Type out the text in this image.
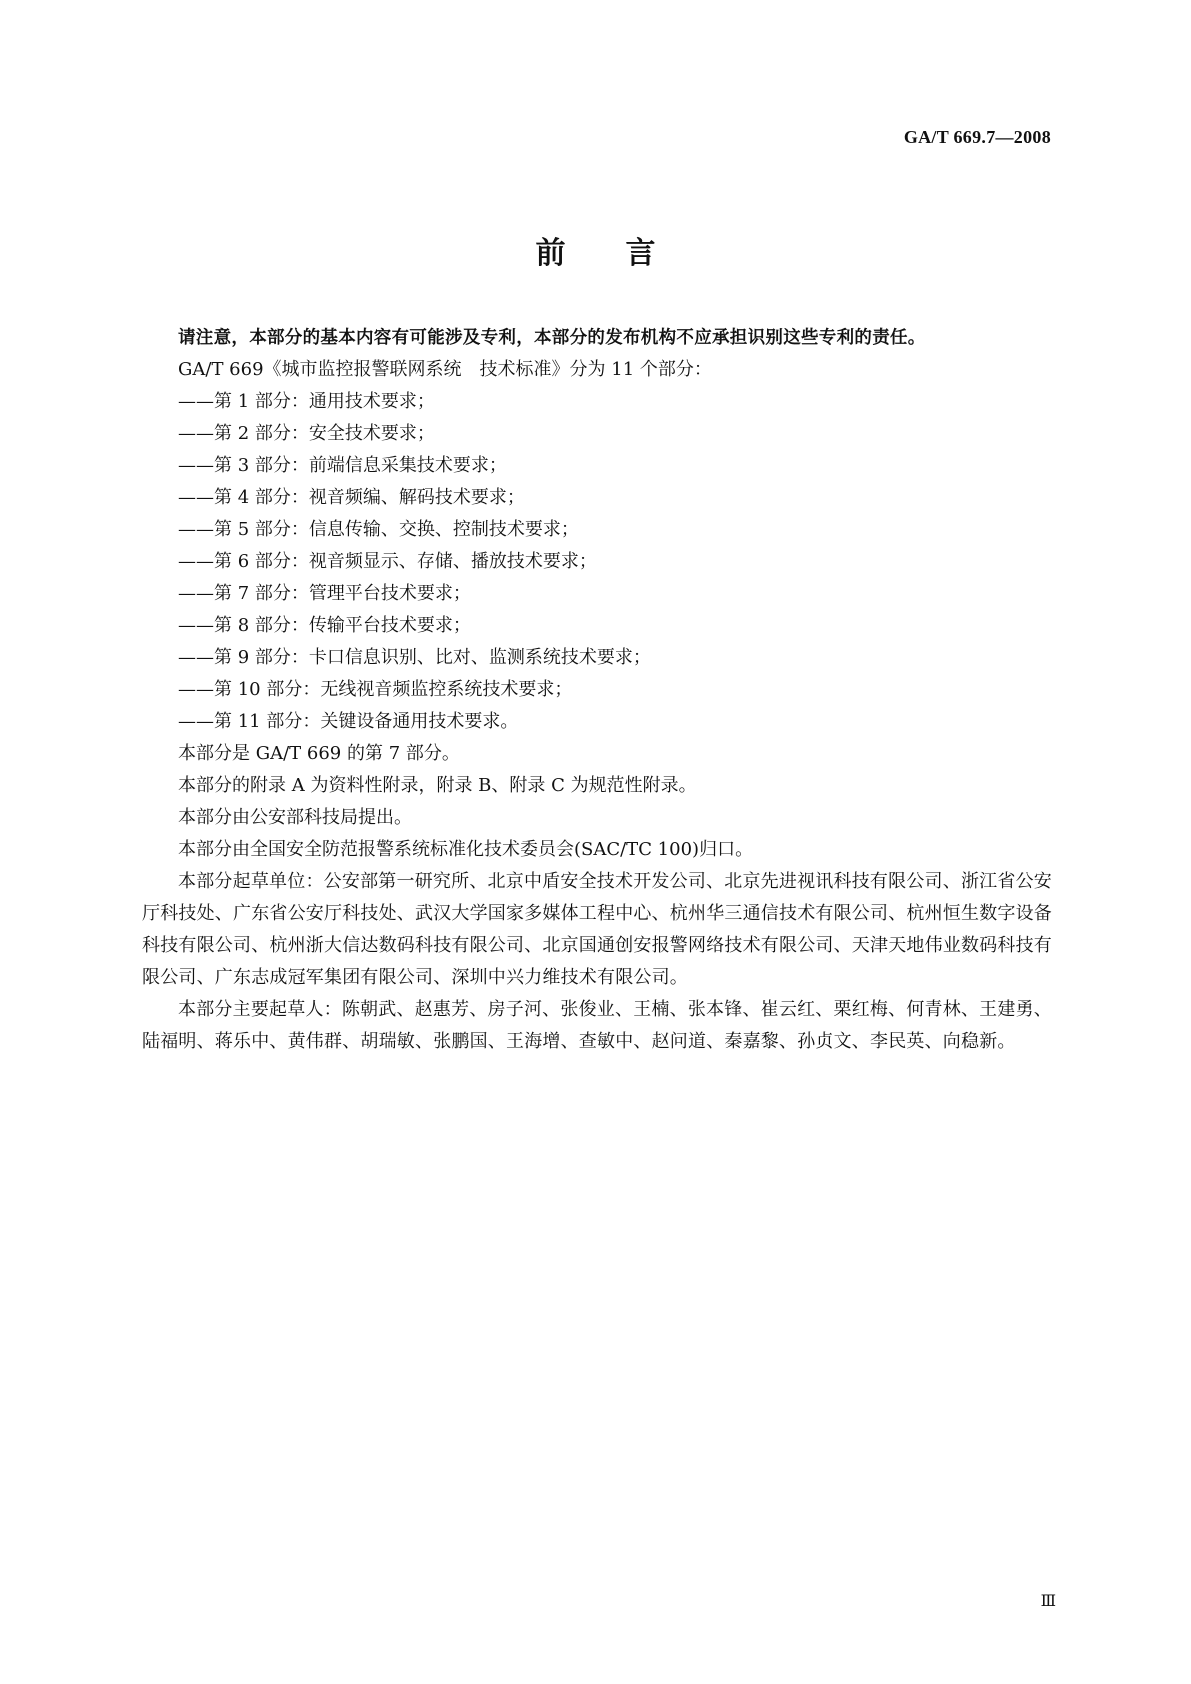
GA/T 669.7—2008
前 言
请注意，本部分的基本内容有可能涉及专利，本部分的发布机构不应承担识别这些专利的责任。
GA/T 669《城市监控报警联网系统　技术标准》分为 11 个部分：
——第 1 部分：通用技术要求；
——第 2 部分：安全技术要求；
——第 3 部分：前端信息采集技术要求；
——第 4 部分：视音频编、解码技术要求；
——第 5 部分：信息传输、交换、控制技术要求；
——第 6 部分：视音频显示、存储、播放技术要求；
——第 7 部分：管理平台技术要求；
——第 8 部分：传输平台技术要求；
——第 9 部分：卡口信息识别、比对、监测系统技术要求；
——第 10 部分：无线视音频监控系统技术要求；
——第 11 部分：关键设备通用技术要求。
本部分是 GA/T 669 的第 7 部分。
本部分的附录 A 为资料性附录，附录 B、附录 C 为规范性附录。
本部分由公安部科技局提出。
本部分由全国安全防范报警系统标准化技术委员会(SAC/TC 100)归口。
本部分起草单位：公安部第一研究所、北京中盾安全技术开发公司、北京先进视讯科技有限公司、浙江省公安厅科技处、广东省公安厅科技处、武汉大学国家多媒体工程中心、杭州华三通信技术有限公司、杭州恒生数字设备科技有限公司、杭州浙大信达数码科技有限公司、北京国通创安报警网络技术有限公司、天津天地伟业数码科技有限公司、广东志成冠军集团有限公司、深圳中兴力维技术有限公司。
本部分主要起草人：陈朝武、赵惠芳、房子河、张俊业、王楠、张本锋、崔云红、栗红梅、何青林、王建勇、陆福明、蒋乐中、黄伟群、胡瑞敏、张鹏国、王海增、查敏中、赵问道、秦嘉黎、孙贞文、李民英、向稳新。
Ⅲ
